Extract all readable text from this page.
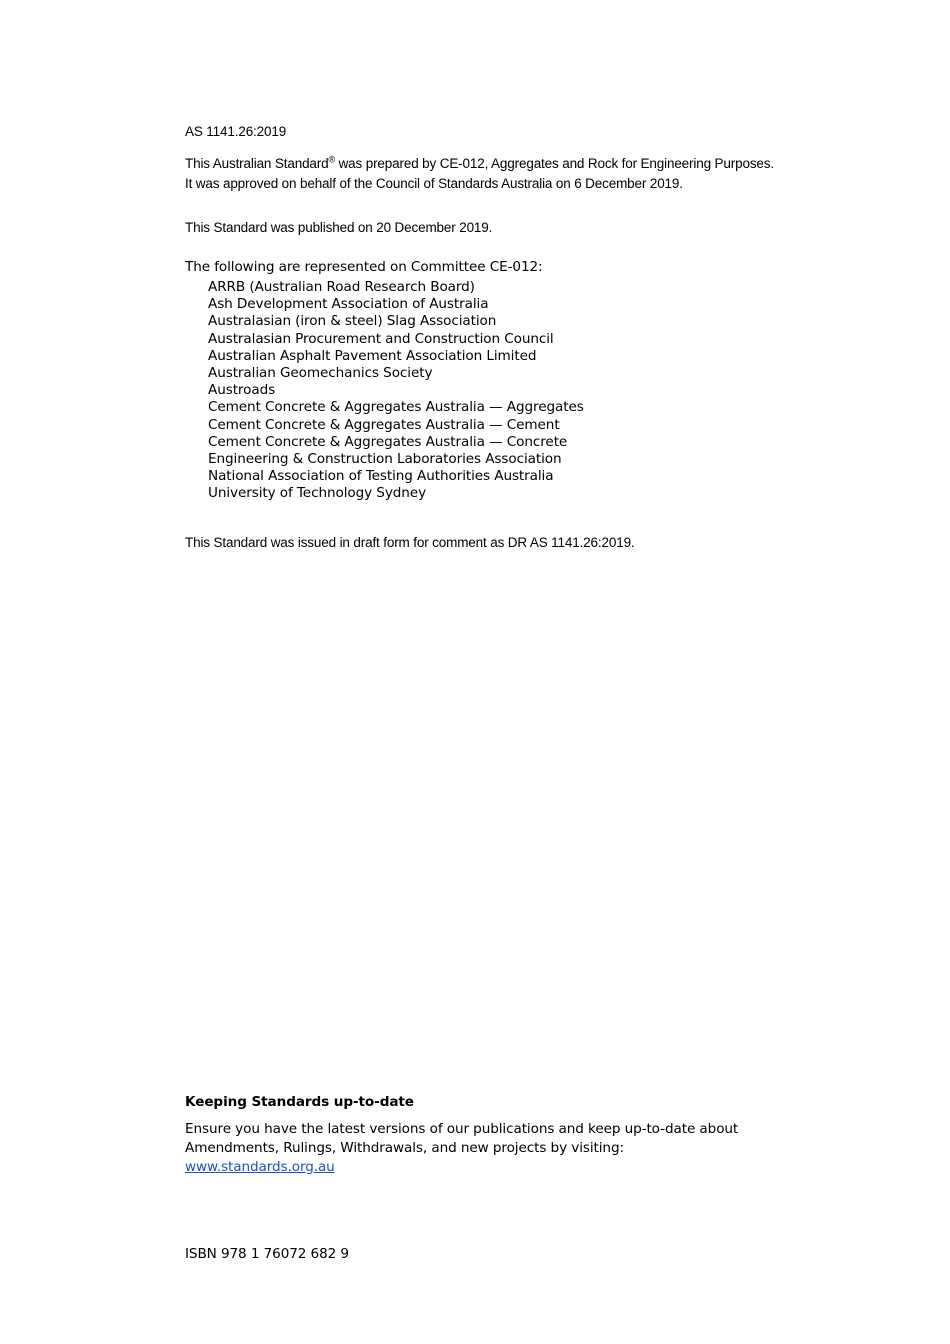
AS 1141.26:2019

This Australian Standard® was prepared by CE-012, Aggregates and Rock for Engineering Purposes. It was approved on behalf of the Council of Standards Australia on 6 December 2019.

This Standard was published on 20 December 2019.

The following are represented on Committee CE-012:

ARRB (Australian Road Research Board)
Ash Development Association of Australia
Australasian (iron & steel) Slag Association
Australasian Procurement and Construction Council
Australian Asphalt Pavement Association Limited
Australian Geomechanics Society
Austroads
Cement Concrete & Aggregates Australia — Aggregates
Cement Concrete & Aggregates Australia — Cement
Cement Concrete & Aggregates Australia — Concrete
Engineering & Construction Laboratories Association
National Association of Testing Authorities Australia
University of Technology Sydney

This Standard was issued in draft form for comment as DR AS 1141.26:2019.

Keeping Standards up-to-date

Ensure you have the latest versions of our publications and keep up-to-date about Amendments, Rulings, Withdrawals, and new projects by visiting:
www.standards.org.au

ISBN 978 1 76072 682 9
